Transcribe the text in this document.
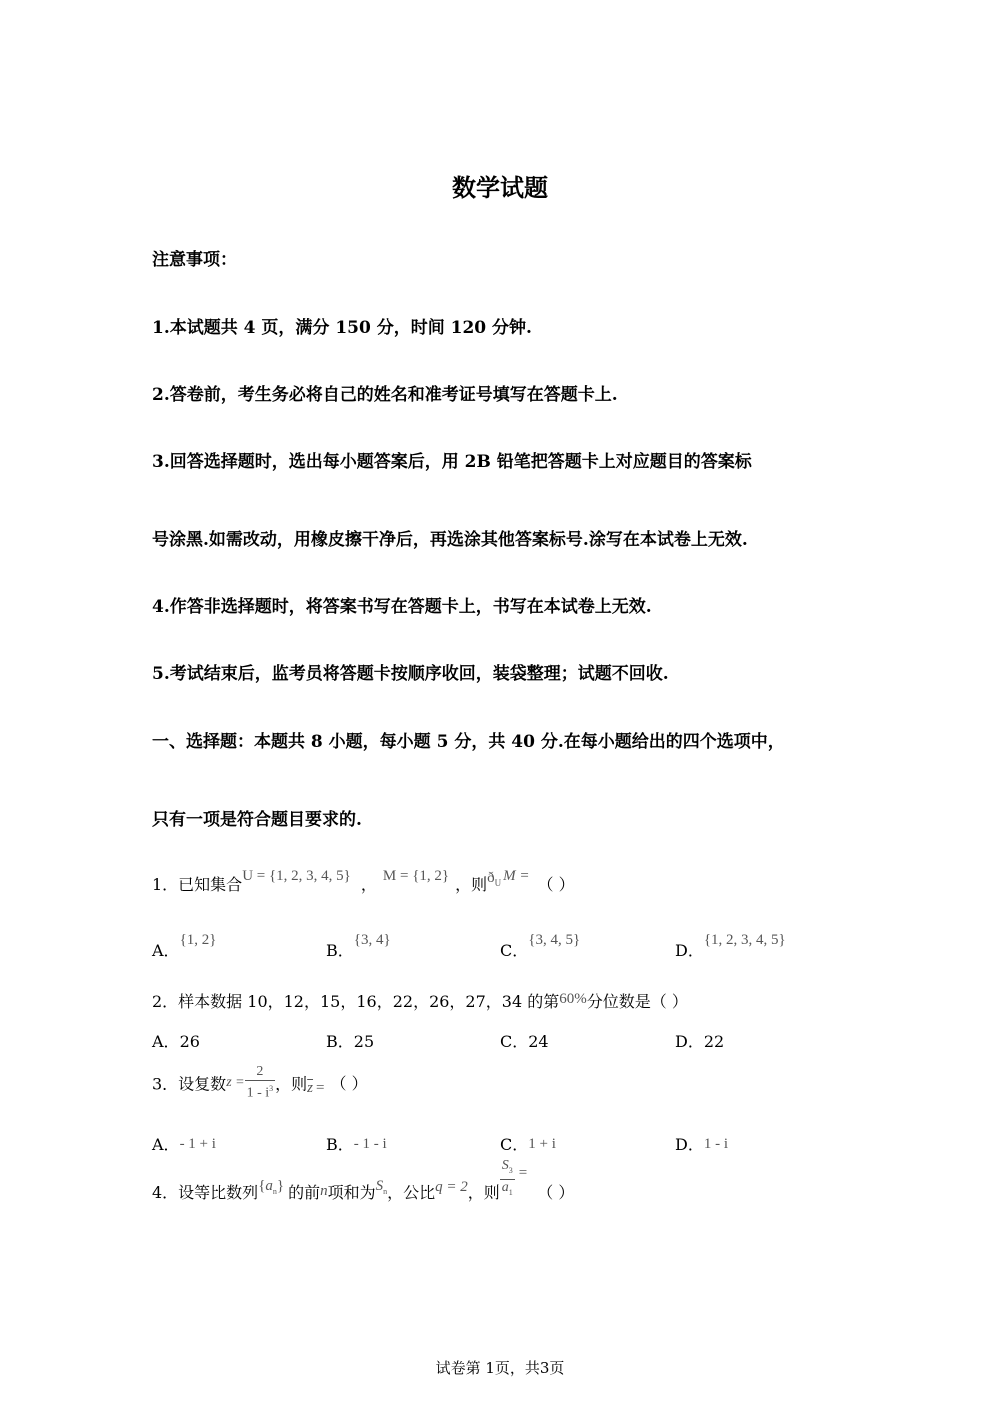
数学试题
注意事项：
1.本试题共 4 页，满分 150 分，时间 120 分钟.
2.答卷前，考生务必将自己的姓名和准考证号填写在答题卡上.
3.回答选择题时，选出每小题答案后，用 2B 铅笔把答题卡上对应题目的答案标
号涂黑.如需改动，用橡皮擦干净后，再选涂其他答案标号.涂写在本试卷上无效.
4.作答非选择题时，将答案书写在答题卡上，书写在本试卷上无效.
5.考试结束后，监考员将答题卡按顺序收回，装袋整理；试题不回收.
一、选择题：本题共 8 小题，每小题 5 分，共 40 分.在每小题给出的四个选项中，
只有一项是符合题目要求的.
1．已知集合U = {1, 2, 3, 4, 5} ， M = {1, 2} ，则$ð_U$ M = （ ）
A．{1, 2}
B．{3, 4}
C．{3, 4, 5}
D．{1, 2, 3, 4, 5}
2．样本数据 10，12，15，16，22，26，27，34 的第60%分位数是（ ）
A．26	B．25	C．24	D．22
3．设复数$z = \frac{2}{1 - i^3}$ ，则$\overline{z}$ = （ ）
A．- 1 + i	B．- 1 - i	C．1 + i	D．1 - i
4．设等比数列$\{a_n\}$ 的前n项和为$S_n$，公比q = 2，则 $\frac{S_3}{a_1}$ =（ ）
试卷第 1页，共3页
